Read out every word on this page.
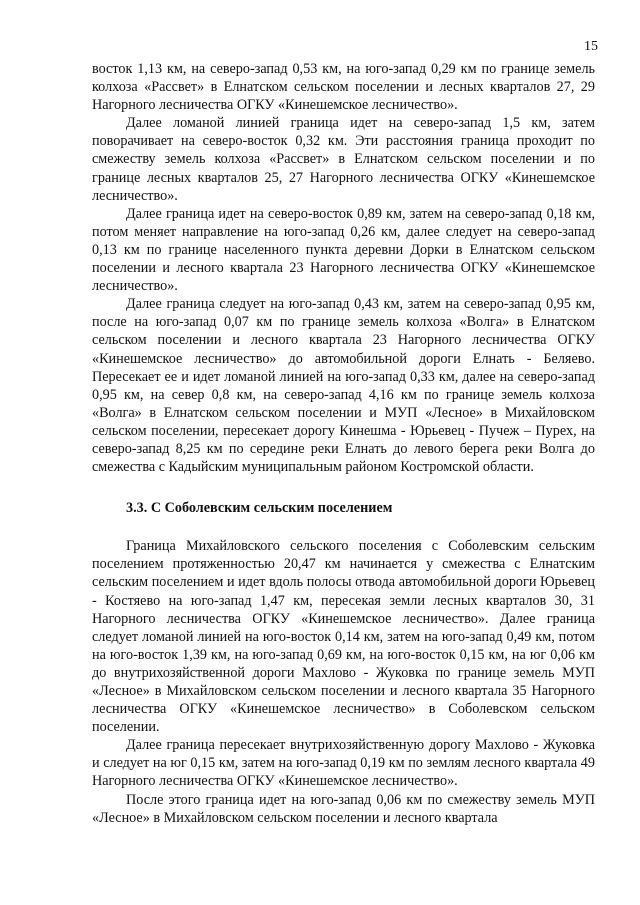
15

восток 1,13 км, на северо-запад 0,53 км, на юго-запад 0,29 км по границе земель колхоза «Рассвет» в Елнатском сельском поселении и лесных кварталов 27, 29 Нагорного лесничества ОГКУ «Кинешемское лесничество».

Далее ломаной линией граница идет на северо-запад 1,5 км, затем поворачивает на северо-восток 0,32 км. Эти расстояния граница проходит по смежеству земель колхоза «Рассвет» в Елнатском сельском поселении и по границе лесных кварталов 25, 27 Нагорного лесничества ОГКУ «Кинешемское лесничество».

Далее граница идет на северо-восток 0,89 км, затем на северо-запад 0,18 км, потом меняет направление на юго-запад 0,26 км, далее следует на северо-запад 0,13 км по границе населенного пункта деревни Дорки в Елнатском сельском поселении и лесного квартала 23 Нагорного лесничества ОГКУ «Кинешемское лесничество».

Далее граница следует на юго-запад 0,43 км, затем на северо-запад 0,95 км, после на юго-запад 0,07 км по границе земель колхоза «Волга» в Елнатском сельском поселении и лесного квартала 23 Нагорного лесничества ОГКУ «Кинешемское лесничество» до автомобильной дороги Елнать - Беляево. Пересекает ее и идет ломаной линией на юго-запад 0,33 км, далее на северо-запад 0,95 км, на север 0,8 км, на северо-запад 4,16 км по границе земель колхоза «Волга» в Елнатском сельском поселении и МУП «Лесное» в Михайловском сельском поселении, пересекает дорогу Кинешма - Юрьевец - Пучеж – Пурех, на северо-запад 8,25 км по середине реки Елнать до левого берега реки Волга до смежества с Кадыйским муниципальным районом Костромской области.

3.3. С Соболевским сельским поселением

Граница Михайловского сельского поселения с Соболевским сельским поселением протяженностью 20,47 км начинается у смежества с Елнатским сельским поселением и идет вдоль полосы отвода автомобильной дороги Юрьевец - Костяево на юго-запад 1,47 км, пересекая земли лесных кварталов 30, 31 Нагорного лесничества ОГКУ «Кинешемское лесничество». Далее граница следует ломаной линией на юго-восток 0,14 км, затем на юго-запад 0,49 км, потом на юго-восток 1,39 км, на юго-запад 0,69 км, на юго-восток 0,15 км, на юг 0,06 км до внутрихозяйственной дороги Махлово - Жуковка по границе земель МУП «Лесное» в Михайловском сельском поселении и лесного квартала 35 Нагорного лесничества ОГКУ «Кинешемское лесничество» в Соболевском сельском поселении.

Далее граница пересекает внутрихозяйственную дорогу Махлово - Жуковка и следует на юг 0,15 км, затем на юго-запад 0,19 км по землям лесного квартала 49 Нагорного лесничества ОГКУ «Кинешемское лесничество».

После этого граница идет на юго-запад 0,06 км по смежеству земель МУП «Лесное» в Михайловском сельском поселении и лесного квартала
